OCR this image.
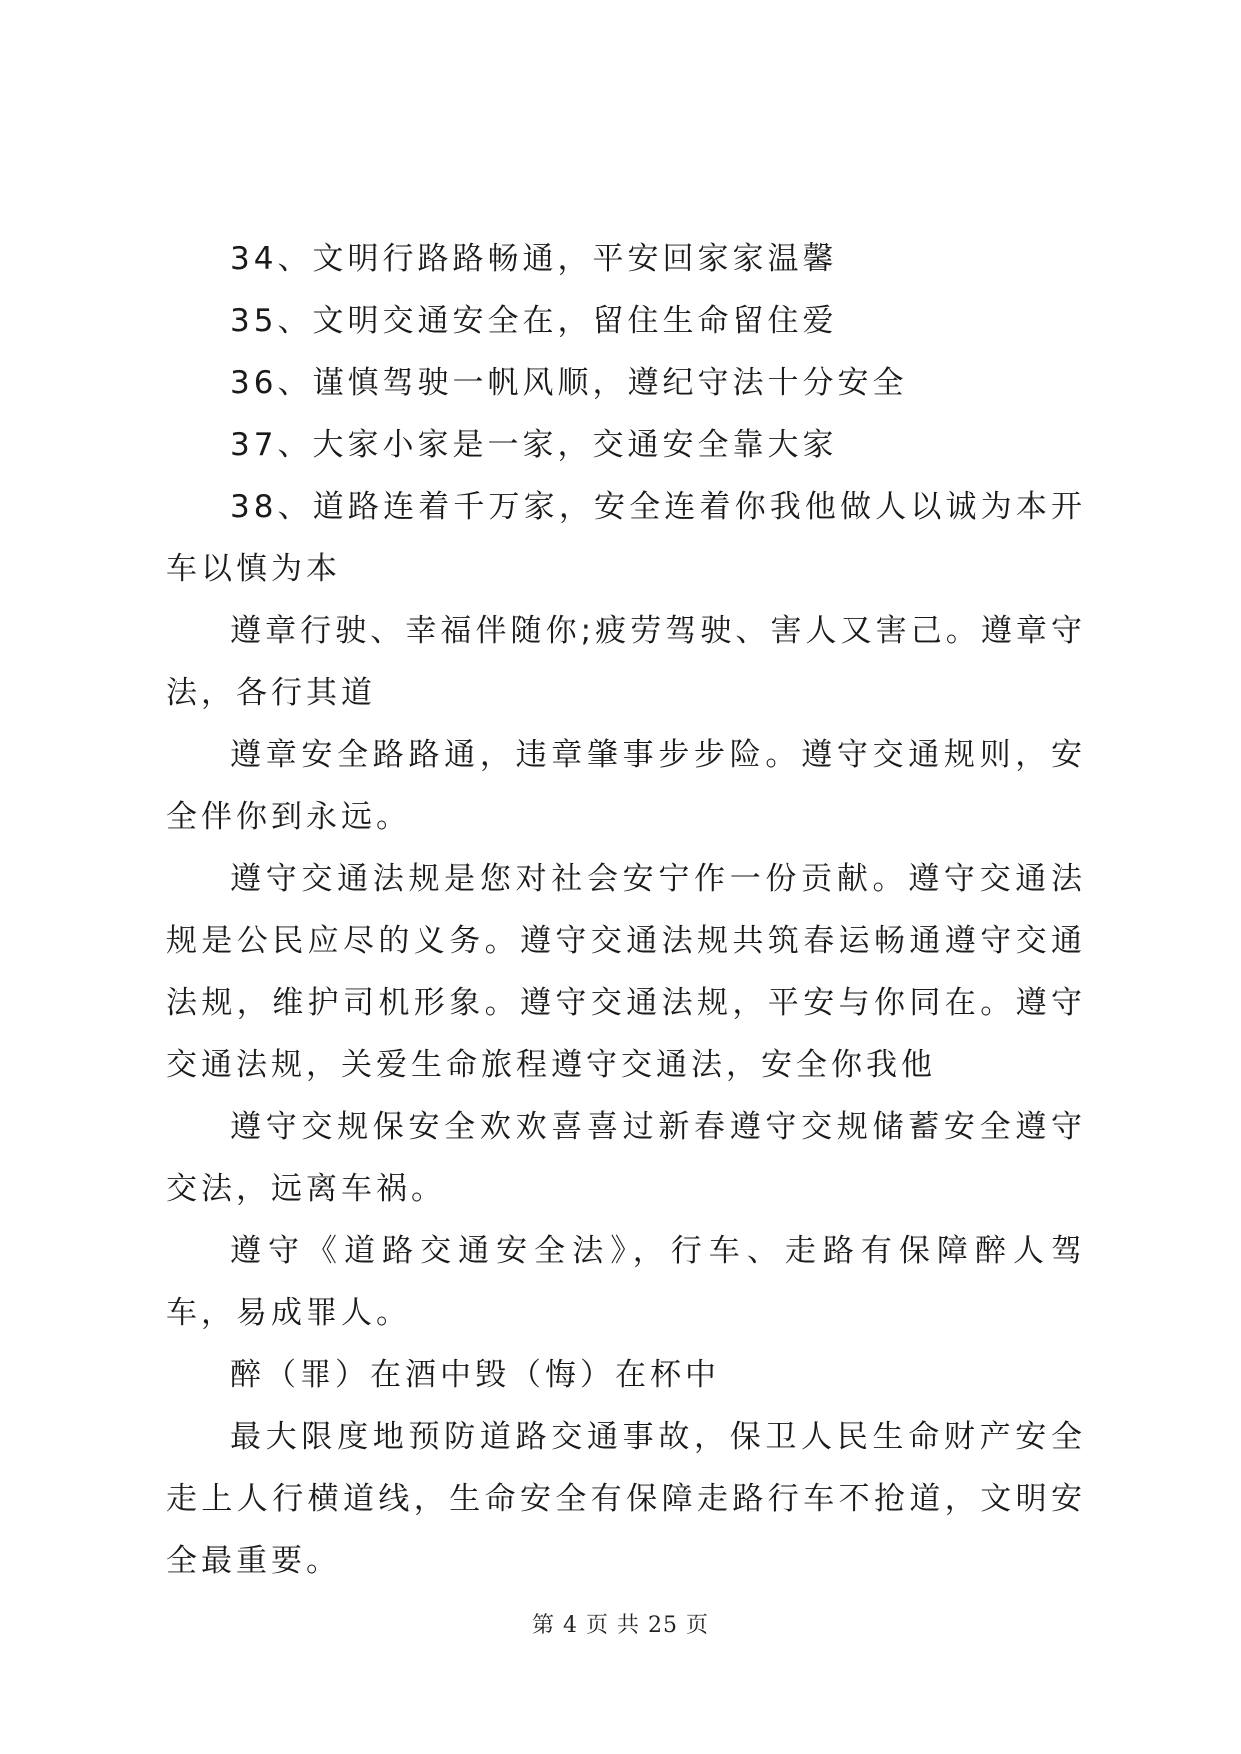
34、文明行路路畅通，平安回家家温馨

35、文明交通安全在，留住生命留住爱

36、谨慎驾驶一帆风顺，遵纪守法十分安全

37、大家小家是一家，交通安全靠大家

38、道路连着千万家，安全连着你我他做人以诚为本开车以慎为本

遵章行驶、幸福伴随你;疲劳驾驶、害人又害己。遵章守法，各行其道

遵章安全路路通，违章肇事步步险。遵守交通规则，安全伴你到永远。

遵守交通法规是您对社会安宁作一份贡献。遵守交通法规是公民应尽的义务。遵守交通法规共筑春运畅通遵守交通法规，维护司机形象。遵守交通法规，平安与你同在。遵守交通法规，关爱生命旅程遵守交通法，安全你我他

遵守交规保安全欢欢喜喜过新春遵守交规储蓄安全遵守交法，远离车祸。

遵守《道路交通安全法》，行车、走路有保障醉人驾车，易成罪人。

醉（罪）在酒中毁（悔）在杯中

最大限度地预防道路交通事故，保卫人民生命财产安全走上人行横道线，生命安全有保障走路行车不抢道，文明安全最重要。

第 4 页 共 25 页
